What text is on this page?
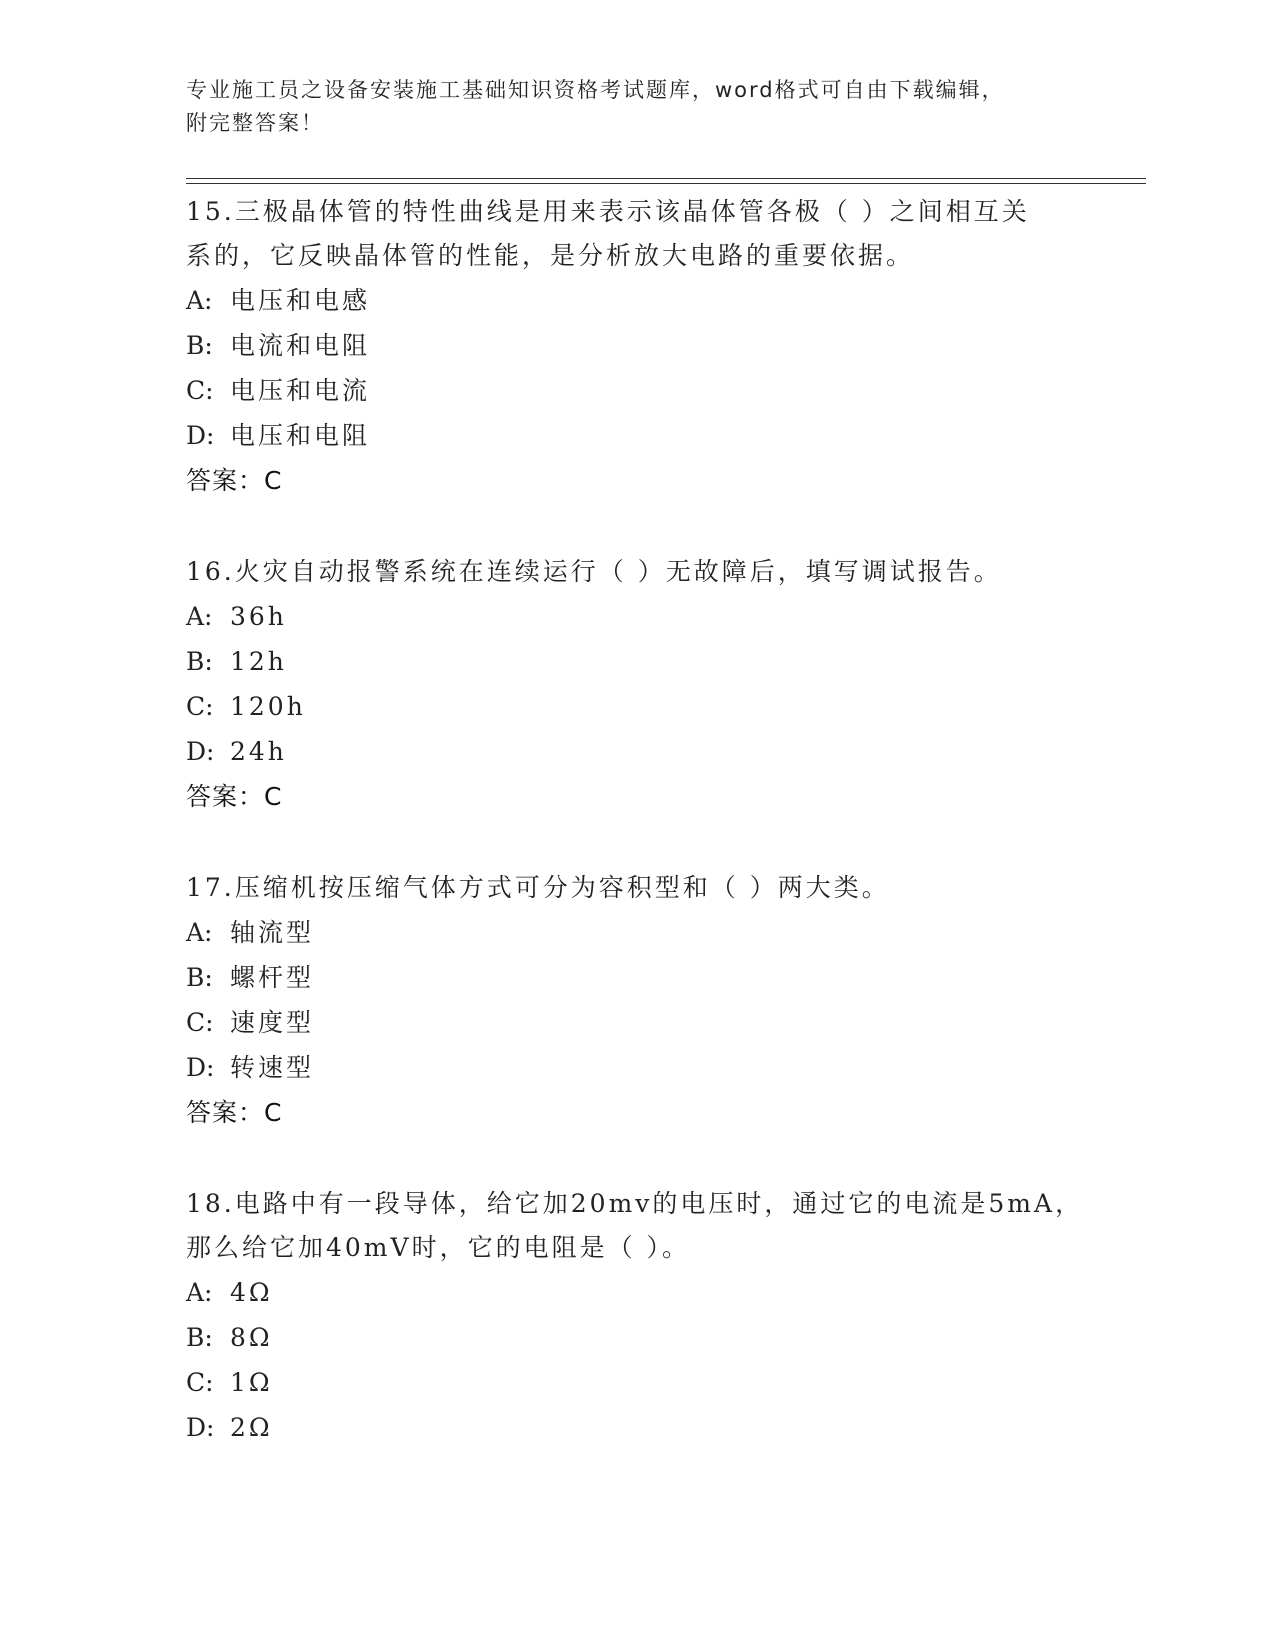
专业施工员之设备安装施工基础知识资格考试题库，word格式可自由下载编辑，
附完整答案！
15.三极晶体管的特性曲线是用来表示该晶体管各极（ ）之间相互关
系的，它反映晶体管的性能，是分析放大电路的重要依据。
A: 电压和电感
B: 电流和电阻
C: 电压和电流
D: 电压和电阻
答案：C
16.火灾自动报警系统在连续运行（ ）无故障后，填写调试报告。
A: 36h
B: 12h
C: 120h
D: 24h
答案：C
17.压缩机按压缩气体方式可分为容积型和（ ）两大类。
A: 轴流型
B: 螺杆型
C: 速度型
D: 转速型
答案：C
18.电路中有一段导体，给它加20mv的电压时，通过它的电流是5mA，
那么给它加40mV时，它的电阻是（ ）。
A: 4Ω
B: 8Ω
C: 1Ω
D: 2Ω
